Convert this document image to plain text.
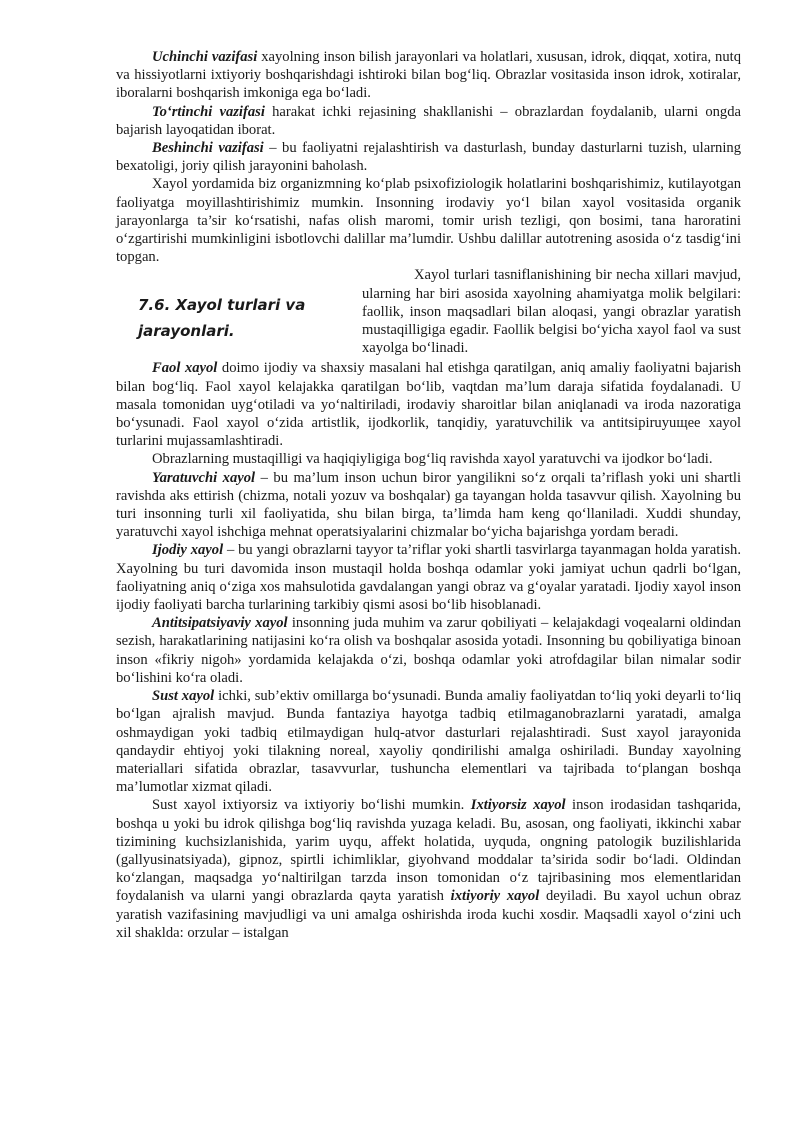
Uchinchi vazifasi xayolning inson bilish jarayonlari va holatlari, xususan, idrok, diqqat, xotira, nutq va hissiyotlarni ixtiyoriy boshqarishdagi ishtiroki bilan bog‘liq. Obrazlar vositasida inson idrok, xotiralar, iboralarni boshqarish imkoniga ega bo‘ladi.

To‘rtinchi vazifasi harakat ichki rejasining shakllanishi – obrazlardan foydalanib, ularni ongda bajarish layoqatidan iborat.

Beshinchi vazifasi – bu faoliyatni rejalashtirish va dasturlash, bunday dasturlarni tuzish, ularning bexatoligi, joriy qilish jarayonini baholash.

Xayol yordamida biz organizmning ko‘plab psixofiziologik holatlarini boshqarishimiz, kutilayotgan faoliyatga moyillashtirishimiz mumkin. Insonning irodaviy yo‘l bilan xayol vositasida organik jarayonlarga ta’sir ko‘rsatishi, nafas olish maromi, tomir urish tezligi, qon bosimi, tana haroratini o‘zgartirishi mumkinligini isbotlovchi dalillar ma’lumdir. Ushbu dalillar autotrening asosida o‘z tasdig‘ini topgan.

7.6. Xayol turlari va
jarayonlari.

Xayol turlari tasniflanishining bir necha xillari mavjud, ularning har biri asosida xayolning ahamiyatga molik belgilari: faollik, inson maqsadlari bilan aloqasi, yangi obrazlar yaratish mustaqilligiga egadir. Faollik belgisi bo‘yicha xayol faol va sust xayolga bo‘linadi.

Faol xayol doimo ijodiy va shaxsiy masalani hal etishga qaratilgan, aniq amaliy faoliyatni bajarish bilan bog‘liq. Faol xayol kelajakka qaratilgan bo‘lib, vaqtdan ma’lum daraja sifatida foydalanadi. U masala tomonidan uyg‘otiladi va yo‘naltiriladi, irodaviy sharoitlar bilan aniqlanadi va iroda nazoratiga bo‘ysunadi. Faol xayol o‘zida artistlik, ijodkorlik, tanqidiy, yaratuvchilik va antitsipiruyuщee xayol turlarini mujassamlashtiradi.

Obrazlarning mustaqilligi va haqiqiyligiga bog‘liq ravishda xayol yaratuvchi va ijodkor bo‘ladi.

Yaratuvchi xayol – bu ma’lum inson uchun biror yangilikni so‘z orqali ta’riflash yoki uni shartli ravishda aks ettirish (chizma, notali yozuv va boshqalar) ga tayangan holda tasavvur qilish. Xayolning bu turi insonning turli xil faoliyatida, shu bilan birga, ta’limda ham keng qo‘llaniladi. Xuddi shunday, yaratuvchi xayol ishchiga mehnat operatsiyalarini chizmalar bo‘yicha bajarishga yordam beradi.

Ijodiy xayol – bu yangi obrazlarni tayyor ta’riflar yoki shartli tasvirlarga tayanmagan holda yaratish. Xayolning bu turi davomida inson mustaqil holda boshqa odamlar yoki jamiyat uchun qadrli bo‘lgan, faoliyatning aniq o‘ziga xos mahsulotida gavdalangan yangi obraz va g‘oyalar yaratadi. Ijodiy xayol inson ijodiy faoliyati barcha turlarining tarkibiy qismi asosi bo‘lib hisoblanadi.

Antitsipatsiyaviy xayol insonning juda muhim va zarur qobiliyati – kelajakdagi voqealarni oldindan sezish, harakatlarining natijasini ko‘ra olish va boshqalar asosida yotadi. Insonning bu qobiliyatiga binoan inson «fikriy nigoh» yordamida kelajakda o‘zi, boshqa odamlar yoki atrofdagilar bilan nimalar sodir bo‘lishini ko‘ra oladi.

Sust xayol ichki, sub’ektiv omillarga bo‘ysunadi. Bunda amaliy faoliyatdan to‘liq yoki deyarli to‘liq bo‘lgan ajralish mavjud. Bunda fantaziya hayotga tadbiq etilmaganobrazlarni yaratadi, amalga oshmaydigan yoki tadbiq etilmaydigan hulq-atvor dasturlari rejalashtiradi. Sust xayol jarayonida qandaydir ehtiyoj yoki tilakning noreal, xayoliy qondirilishi amalga oshiriladi. Bunday xayolning materiallari sifatida obrazlar, tasavvurlar, tushuncha elementlari va tajribada to‘plangan boshqa ma’lumotlar xizmat qiladi.

Sust xayol ixtiyorsiz va ixtiyoriy bo‘lishi mumkin. Ixtiyorsiz xayol inson irodasidan tashqarida, boshqa u yoki bu idrok qilishga bog‘liq ravishda yuzaga keladi. Bu, asosan, ong faoliyati, ikkinchi xabar tizimining kuchsizlanishida, yarim uyqu, affekt holatida, uyquda, ongning patologik buzilishlarida (gallyusinatsiyada), gipnoz, spirtli ichimliklar, giyohvand moddalar ta’sirida sodir bo‘ladi. Oldindan ko‘zlangan, maqsadga yo‘naltirilgan tarzda inson tomonidan o‘z tajribasining mos elementlaridan foydalanish va ularni yangi obrazlarda qayta yaratish ixtiyoriy xayol deyiladi. Bu xayol uchun obraz yaratish vazifasining mavjudligi va uni amalga oshirishda iroda kuchi xosdir. Maqsadli xayol o‘zini uch xil shaklda: orzular – istalgan
